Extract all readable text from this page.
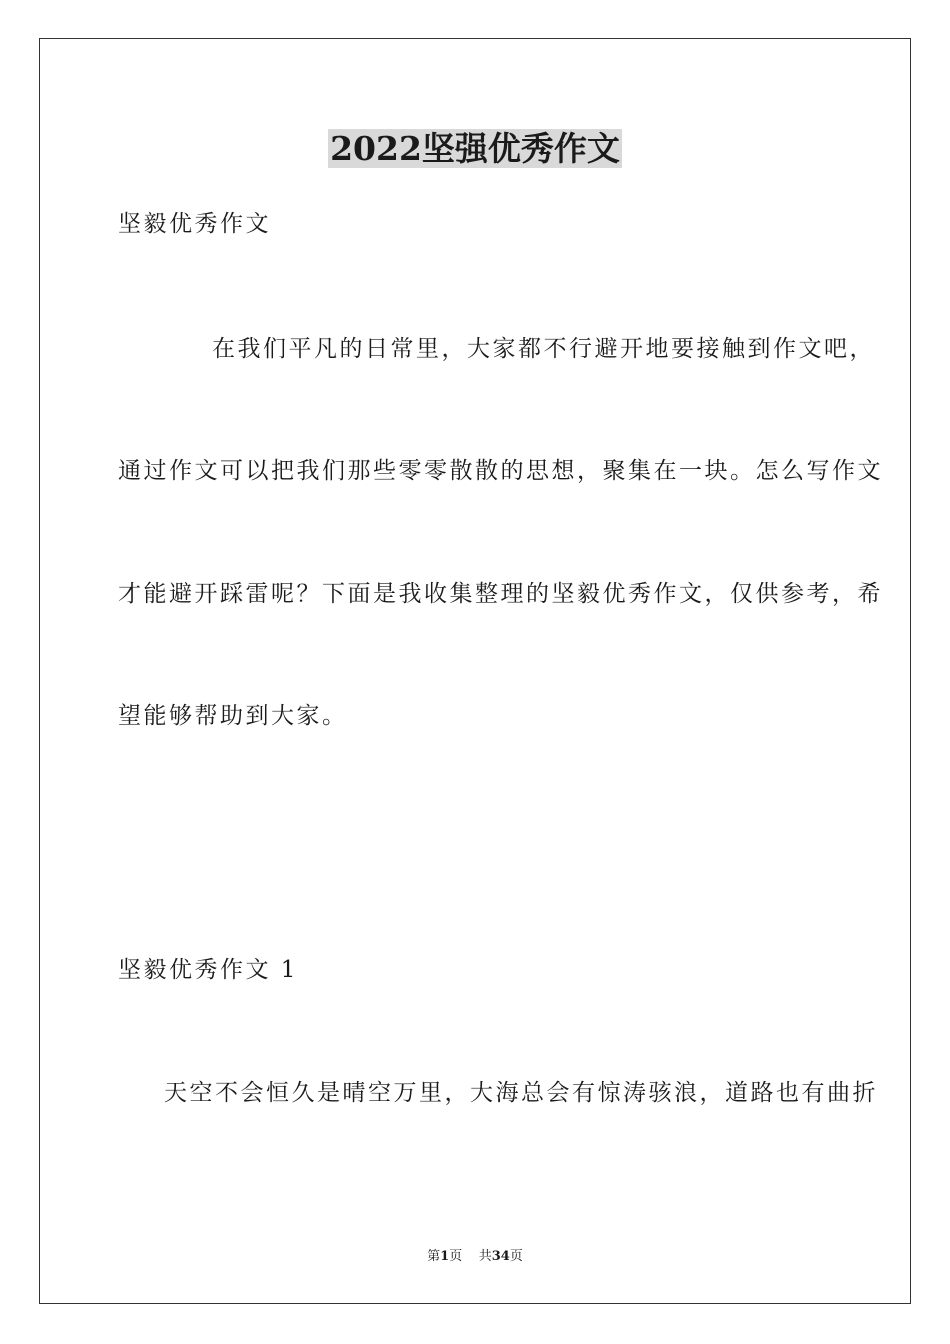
2022坚强优秀作文
坚毅优秀作文
在我们平凡的日常里，大家都不行避开地要接触到作文吧，
通过作文可以把我们那些零零散散的思想，聚集在一块。怎么写作文
才能避开踩雷呢？下面是我收集整理的坚毅优秀作文，仅供参考，希
望能够帮助到大家。
坚毅优秀作文 1
天空不会恒久是晴空万里，大海总会有惊涛骇浪，道路也有曲折
第1页 共34页
